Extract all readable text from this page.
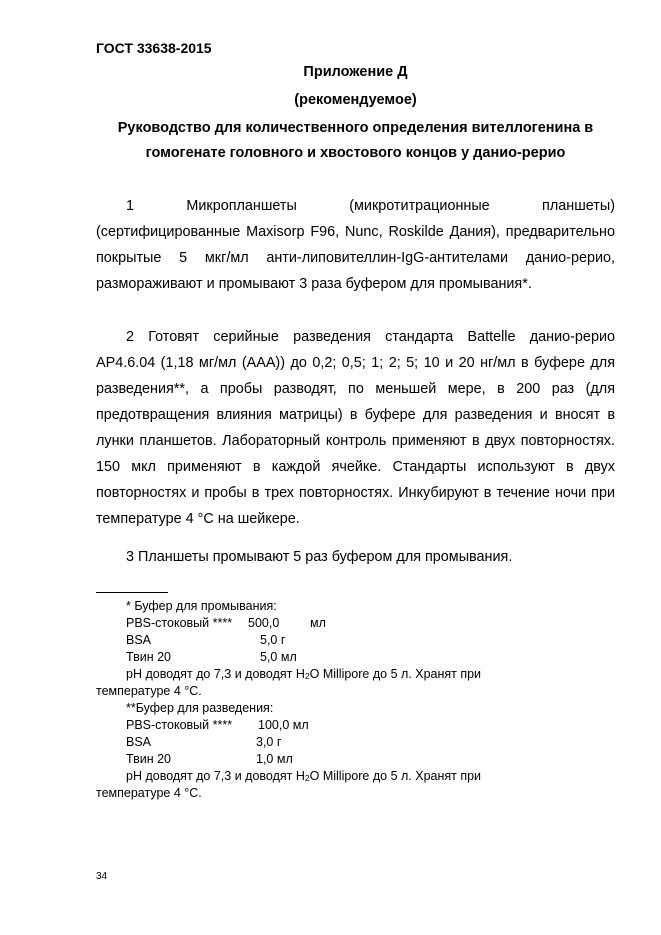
ГОСТ 33638-2015
Приложение Д
(рекомендуемое)
Руководство для количественного определения вителлогенина в
гомогенате головного и хвостового концов у данио-рерио
1 Микропланшеты (микротитрационные планшеты) (сертифицированные Maxisorp F96, Nunc, Roskilde Дания), предварительно покрытые 5 мкг/мл анти-липовителлин-IgG-антителами данио-рерио, размораживают и промывают 3 раза буфером для промывания*.
2 Готовят серийные разведения стандарта Battelle данио-рерио AP4.6.04 (1,18 мг/мл (AAA)) до 0,2; 0,5; 1; 2; 5; 10 и 20 нг/мл в буфере для разведения**, а пробы разводят, по меньшей мере, в 200 раз (для предотвращения влияния матрицы) в буфере для разведения и вносят в лунки планшетов. Лабораторный контроль применяют в двух повторностях. 150 мкл применяют в каждой ячейке. Стандарты используют в двух повторностях и пробы в трех повторностях. Инкубируют в течение ночи при температуре 4 °С на шейкере.
3 Планшеты промывают 5 раз буфером для промывания.
* Буфер для промывания:
PBS-стоковый **** 500,0 мл
BSA	5,0 г
Твин 20	5,0 мл
pH доводят до 7,3 и доводят $H_2O$ Millipore до 5 л. Хранят при
температуре 4 °С.
**Буфер для разведения:
PBS-стоковый **** 100,0 мл
BSA	3,0 г
Твин 20	1,0 мл
pH доводят до 7,3 и доводят $H_2O$ Millipore до 5 л. Хранят при
температуре 4 °С.
34
